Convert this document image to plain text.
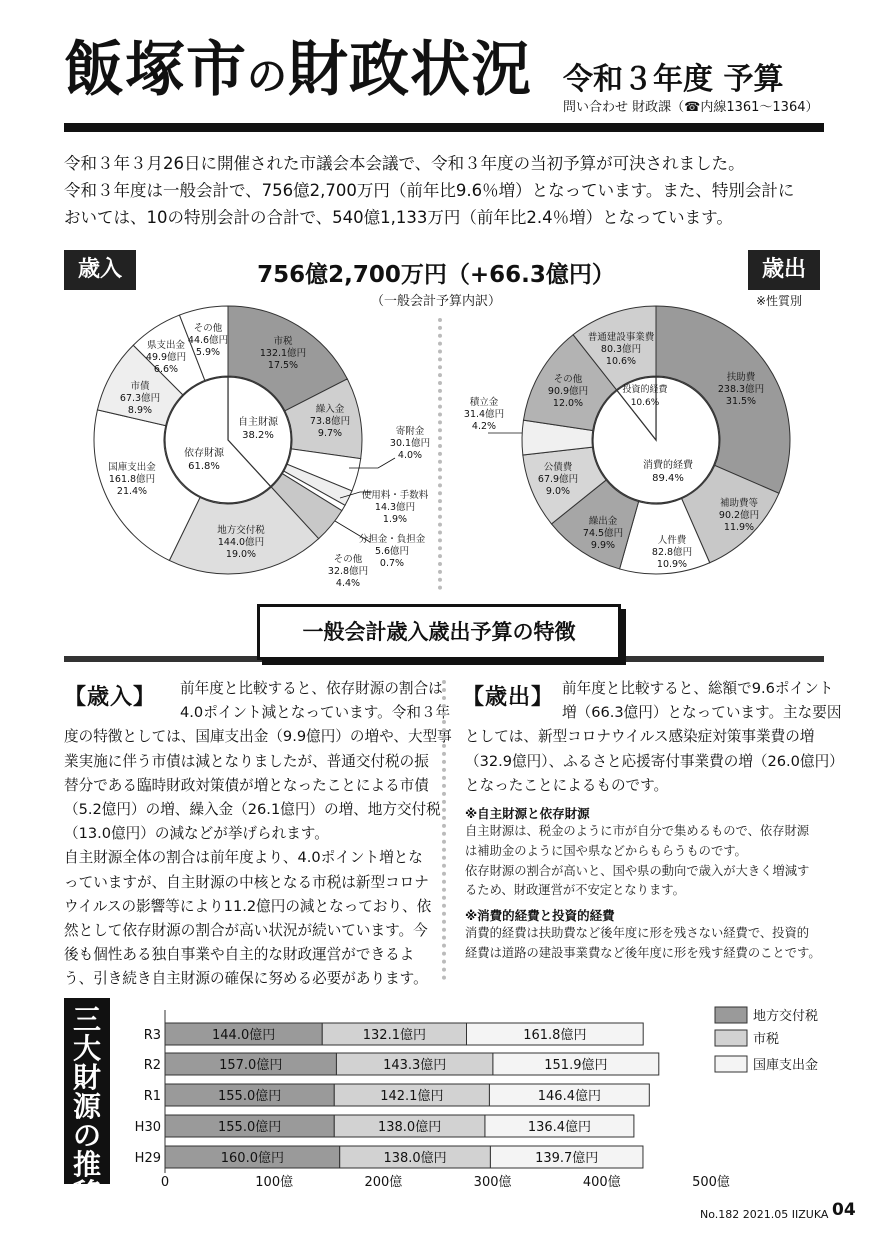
飯塚市の財政状況 令和３年度 予算
問い合わせ 財政課（☎内線1361～1364）
令和３年３月26日に開催された市議会本会議で、令和３年度の当初予算が可決されました。
令和３年度は一般会計で、756億2,700万円（前年比9.6％増）となっています。また、特別会計に
おいては、10の特別会計の合計で、540億1,133万円（前年比2.4％増）となっています。
歳入	歳出
756億2,700万円（+66.3億円）
（一般会計予算内訳）	※性質別
市税
132.1億円
17.5%
繰入金
73.8億円
9.7%	寄附金
30.1億円
4.0%
使用料・手数料
14.3億円
1.9%
分担金・負担金
5.6億円
0.7%
その他
32.8億円
4.4%
地方交付税
144.0億円
19.0%
国庫支出金
161.8億円
21.4%
市債
67.3億円
8.9%
県支出金
49.9億円
6.6%
その他
44.6億円
5.9%
自主財源
38.2%
依存財源
61.8%
扶助費
238.3億円
31.5%
補助費等
90.2億円
11.9%
人件費
82.8億円
10.9%
繰出金
74.5億円
9.9%
公債費
67.9億円
9.0%
積立金
31.4億円
4.2%
その他
90.9億円
12.0%
普通建設事業費
80.3億円
10.6%
消費的経費
89.4%
投資的経費
10.6%
一般会計歳入歳出予算の特徴
【歳入】 前年度と比較すると、依存財源の割合は
4.0ポイント減となっています。令和３年
度の特徴としては、国庫支出金（9.9億円）の増や、大型事
業実施に伴う市債は減となりましたが、普通交付税の振
替分である臨時財政対策債が増となったことによる市債
（5.2億円）の増、繰入金（26.1億円）の増、地方交付税
（13.0億円）の減などが挙げられます。
自主財源全体の割合は前年度より、4.0ポイント増とな
っていますが、自主財源の中核となる市税は新型コロナ
ウイルスの影響等により11.2億円の減となっており、依
然として依存財源の割合が高い状況が続いています。今
後も個性ある独自事業や自主的な財政運営ができるよ
う、引き続き自主財源の確保に努める必要があります。
【歳出】 前年度と比較すると、総額で9.6ポイント
増（66.3億円）となっています。主な要因
としては、新型コロナウイルス感染症対策事業費の増
（32.9億円）、ふるさと応援寄付事業費の増（26.0億円）
となったことによるものです。
※自主財源と依存財源
自主財源は、税金のように市が自分で集めるもので、依存財源
は補助金のように国や県などからもらうものです。
依存財源の割合が高いと、国や県の動向で歳入が大きく増減す
るため、財政運営が不安定となります。
※消費的経費と投資的経費
消費的経費は扶助費など後年度に形を残さない経費で、投資的
経費は道路の建設事業費など後年度に形を残す経費のことです。
三
大
財
源
の
推
移
R3	144.0億円	132.1億円	161.8億円
R2	157.0億円	143.3億円	151.9億円
R1	155.0億円	142.1億円	146.4億円
H30	155.0億円	138.0億円	136.4億円
H29	160.0億円	138.0億円	139.7億円
0	100億	200億	300億	400億	500億
地方交付税
市税
国庫支出金
No.182 2021.05 IIZUKA 04
